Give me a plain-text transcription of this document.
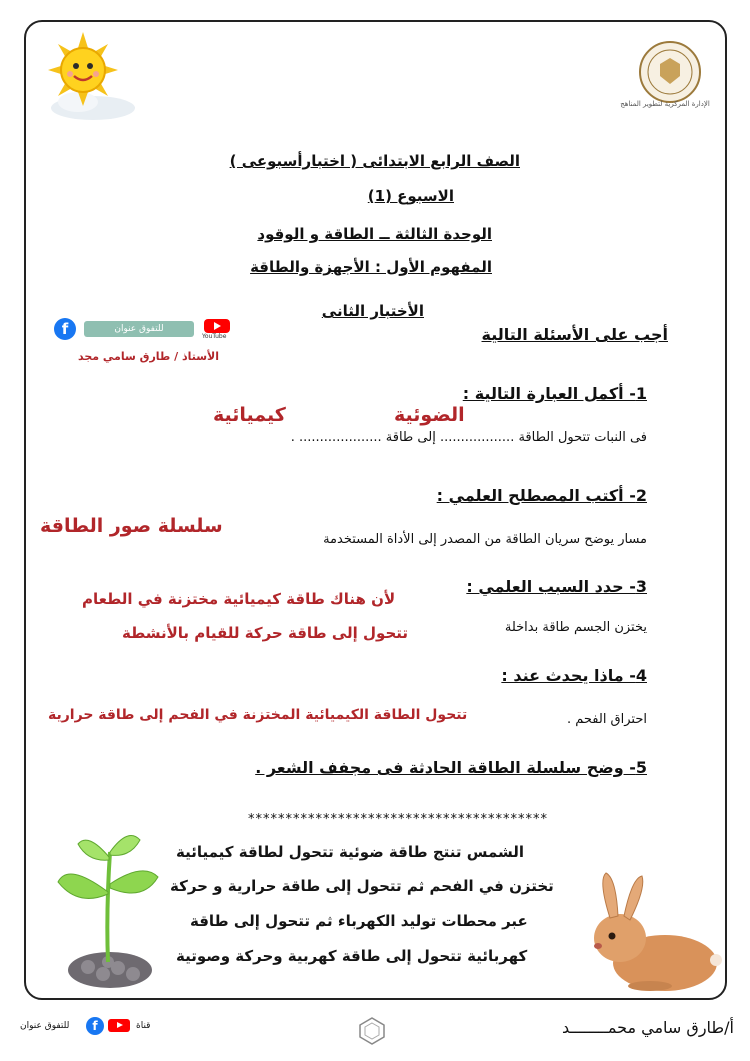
الإدارة المركزية لتطوير المناهج
الصف الرابع الابتدائى ( اختبارأسبوعى )
الاسبوع (1)
الوحدة الثالثة ــ الطاقة و الوقود
المفهوم الأول : الأجهزة والطاقة
الأختبار الثانى
أجب على الأسئلة التالية
f	للتفوق عنوان
YouTube
الأستاذ / طارق سامي مجد
1- أكمل العبارة التالية :
الضوئية
كيميائية
فى النبات تتحول الطاقة .................. إلى طاقة .................... .
2- أكتب المصطلح العلمي :
سلسلة صور الطاقة
مسار يوضح سريان الطاقة من المصدر إلى الأداة المستخدمة
3- حدد السبب العلمي :
لأن هناك طاقة كيميائية مختزنة في الطعام
يختزن الجسم طاقة بداخلة
تتحول إلى طاقة حركة للقيام بالأنشطة
4- ماذا يحدث عند :
احتراق الفحم .
تتحول الطاقة الكيميائية المختزنة في الفحم إلى طاقة حرارية
5- وضح سلسلة الطاقة الحادثة فى مجفف الشعر .
****************************************
الشمس تنتج طاقة ضوئية تتحول لطاقة كيميائية
تختزن في الفحم ثم تتحول إلى طاقة حرارية و حركة
عبر محطات توليد الكهرباء ثم تتحول إلى طاقة
كهربائية تتحول إلى طاقة كهربية وحركة وصوتية
للتفوق عنوان	f	قناة	أ/طارق سامي محمــــــــد
